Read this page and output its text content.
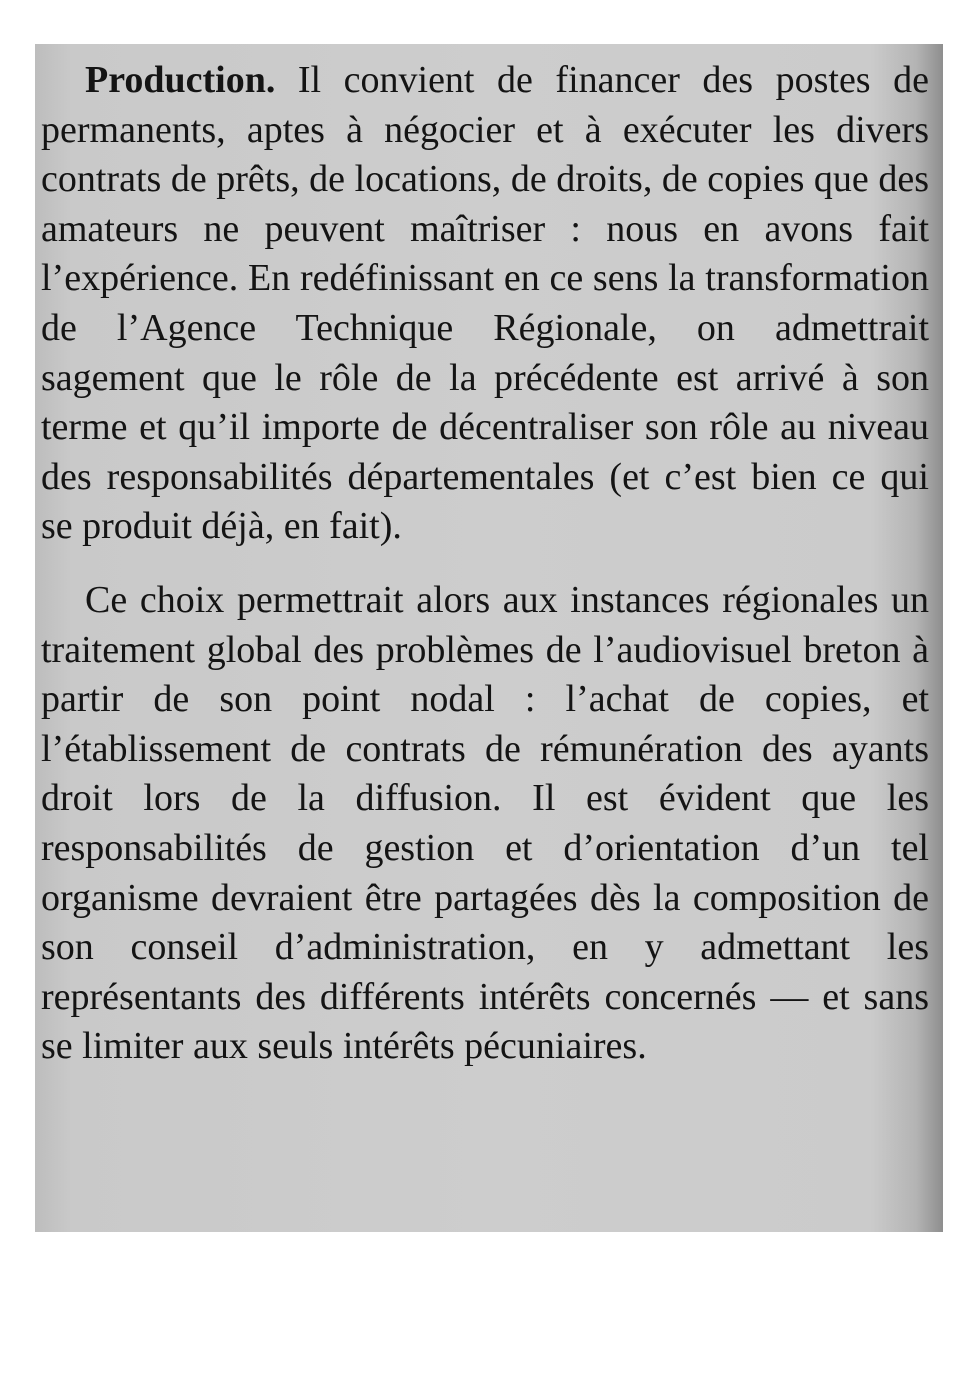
Production. Il convient de financer des postes de permanents, aptes à négocier et à exécuter les divers contrats de prêts, de locations, de droits, de copies que des amateurs ne peuvent maîtriser : nous en avons fait l’expérience. En redéfinissant en ce sens la transformation de l’Agence Technique Régionale, on admettrait sagement que le rôle de la précédente est arrivé à son terme et qu’il importe de décentraliser son rôle au niveau des responsabilités départementales (et c’est bien ce qui se produit déjà, en fait).

Ce choix permettrait alors aux instances régionales un traitement global des problèmes de l’audiovisuel breton à partir de son point nodal : l’achat de copies, et l’établissement de contrats de rémunération des ayants droit lors de la diffusion. Il est évident que les responsabilités de gestion et d’orientation d’un tel organisme devraient être partagées dès la composition de son conseil d’administration, en y admettant les représentants des différents intérêts concernés — et sans se limiter aux seuls intérêts pécuniaires.
